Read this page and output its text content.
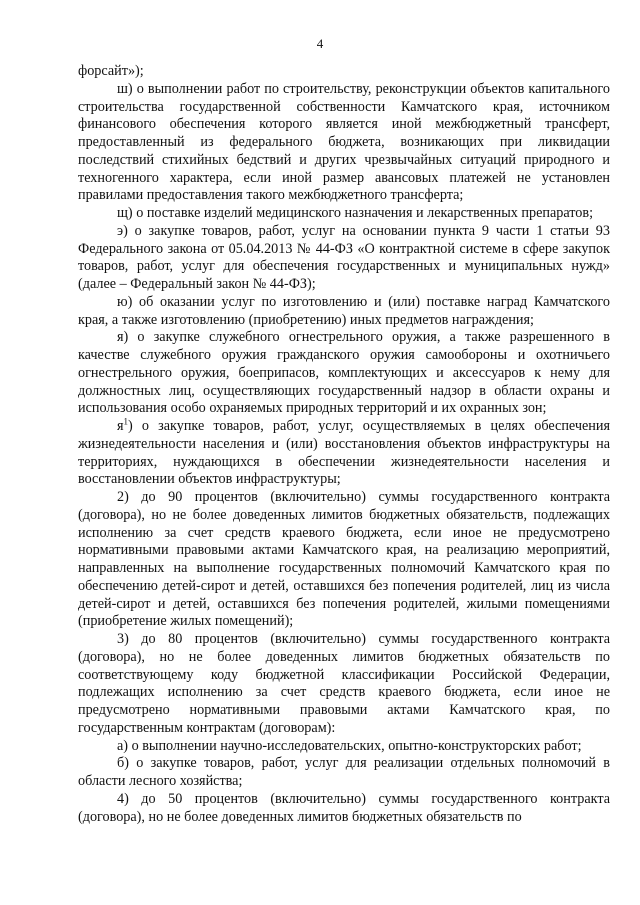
4

форсайт»);

ш) о выполнении работ по строительству, реконструкции объектов капитального строительства государственной собственности Камчатского края, источником финансового обеспечения которого является иной межбюджетный трансферт, предоставленный из федерального бюджета, возникающих при ликвидации последствий стихийных бедствий и других чрезвычайных ситуаций природного и техногенного характера, если иной размер авансовых платежей не установлен правилами предоставления такого межбюджетного трансферта;

щ) о поставке изделий медицинского назначения и лекарственных препаратов;

э) о закупке товаров, работ, услуг на основании пункта 9 части 1 статьи 93 Федерального закона от 05.04.2013 № 44-ФЗ «О контрактной системе в сфере закупок товаров, работ, услуг для обеспечения государственных и муниципальных нужд» (далее – Федеральный закон № 44-ФЗ);

ю) об оказании услуг по изготовлению и (или) поставке наград Камчатского края, а также изготовлению (приобретению) иных предметов награждения;

я) о закупке служебного огнестрельного оружия, а также разрешенного в качестве служебного оружия гражданского оружия самообороны и охотничьего огнестрельного оружия, боеприпасов, комплектующих и аксессуаров к нему для должностных лиц, осуществляющих государственный надзор в области охраны и использования особо охраняемых природных территорий и их охранных зон;

$я^1$) о закупке товаров, работ, услуг, осуществляемых в целях обеспечения жизнедеятельности населения и (или) восстановления объектов инфраструктуры на территориях, нуждающихся в обеспечении жизнедеятельности населения и восстановлении объектов инфраструктуры;

2) до 90 процентов (включительно) суммы государственного контракта (договора), но не более доведенных лимитов бюджетных обязательств, подлежащих исполнению за счет средств краевого бюджета, если иное не предусмотрено нормативными правовыми актами Камчатского края, на реализацию мероприятий, направленных на выполнение государственных полномочий Камчатского края по обеспечению детей-сирот и детей, оставшихся без попечения родителей, лиц из числа детей-сирот и детей, оставшихся без попечения родителей, жилыми помещениями (приобретение жилых помещений);

3) до 80 процентов (включительно) суммы государственного контракта (договора), но не более доведенных лимитов бюджетных обязательств по соответствующему коду бюджетной классификации Российской Федерации, подлежащих исполнению за счет средств краевого бюджета, если иное не предусмотрено нормативными правовыми актами Камчатского края, по государственным контрактам (договорам):

а) о выполнении научно-исследовательских, опытно-конструкторских работ;

б) о закупке товаров, работ, услуг для реализации отдельных полномочий в области лесного хозяйства;

4) до 50 процентов (включительно) суммы государственного контракта (договора), но не более доведенных лимитов бюджетных обязательств по
